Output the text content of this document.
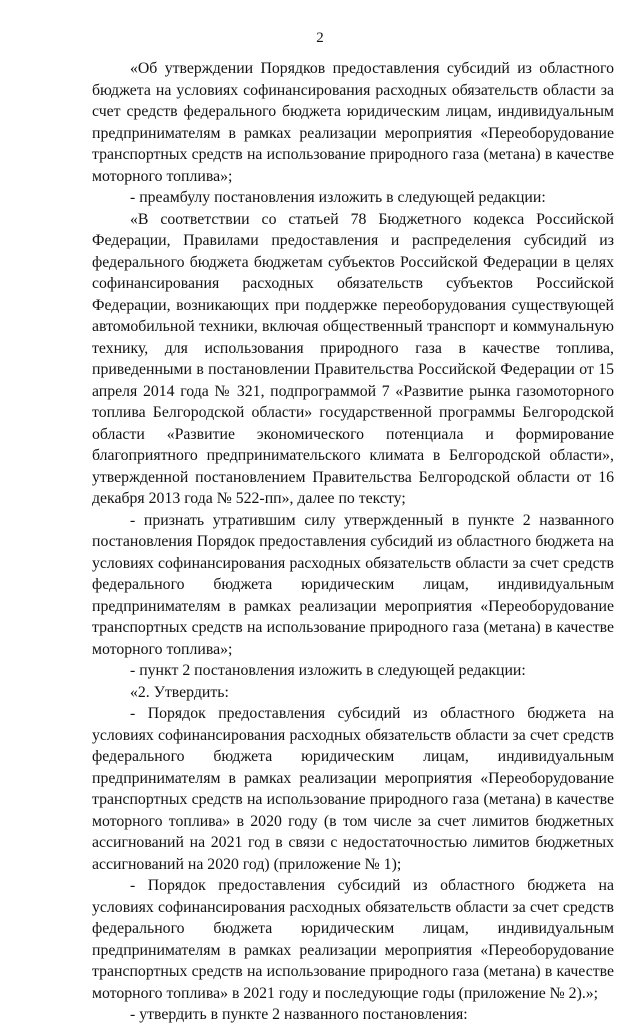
2

«Об утверждении Порядков предоставления субсидий из областного бюджета на условиях софинансирования расходных обязательств области за счет средств федерального бюджета юридическим лицам, индивидуальным предпринимателям в рамках реализации мероприятия «Переоборудование транспортных средств на использование природного газа (метана) в качестве моторного топлива»;

- преамбулу постановления изложить в следующей редакции:

«В соответствии со статьей 78 Бюджетного кодекса Российской Федерации, Правилами предоставления и распределения субсидий из федерального бюджета бюджетам субъектов Российской Федерации в целях софинансирования расходных обязательств субъектов Российской Федерации, возникающих при поддержке переоборудования существующей автомобильной техники, включая общественный транспорт и коммунальную технику, для использования природного газа в качестве топлива, приведенными в постановлении Правительства Российской Федерации от 15 апреля 2014 года № 321, подпрограммой 7 «Развитие рынка газомоторного топлива Белгородской области» государственной программы Белгородской области «Развитие экономического потенциала и формирование благоприятного предпринимательского климата в Белгородской области», утвержденной постановлением Правительства Белгородской области от 16 декабря 2013 года № 522-пп», далее по тексту;

- признать утратившим силу утвержденный в пункте 2 названного постановления Порядок предоставления субсидий из областного бюджета на условиях софинансирования расходных обязательств области за счет средств федерального бюджета юридическим лицам, индивидуальным предпринимателям в рамках реализации мероприятия «Переоборудование транспортных средств на использование природного газа (метана) в качестве моторного топлива»;

- пункт 2 постановления изложить в следующей редакции:

«2. Утвердить:

- Порядок предоставления субсидий из областного бюджета на условиях софинансирования расходных обязательств области за счет средств федерального бюджета юридическим лицам, индивидуальным предпринимателям в рамках реализации мероприятия «Переоборудование транспортных средств на использование природного газа (метана) в качестве моторного топлива» в 2020 году (в том числе за счет лимитов бюджетных ассигнований на 2021 год в связи с недостаточностью лимитов бюджетных ассигнований на 2020 год) (приложение № 1);

- Порядок предоставления субсидий из областного бюджета на условиях софинансирования расходных обязательств области за счет средств федерального бюджета юридическим лицам, индивидуальным предпринимателям в рамках реализации мероприятия «Переоборудование транспортных средств на использование природного газа (метана) в качестве моторного топлива» в 2021 году и последующие годы (приложение № 2).»;

- утвердить в пункте 2 названного постановления:
